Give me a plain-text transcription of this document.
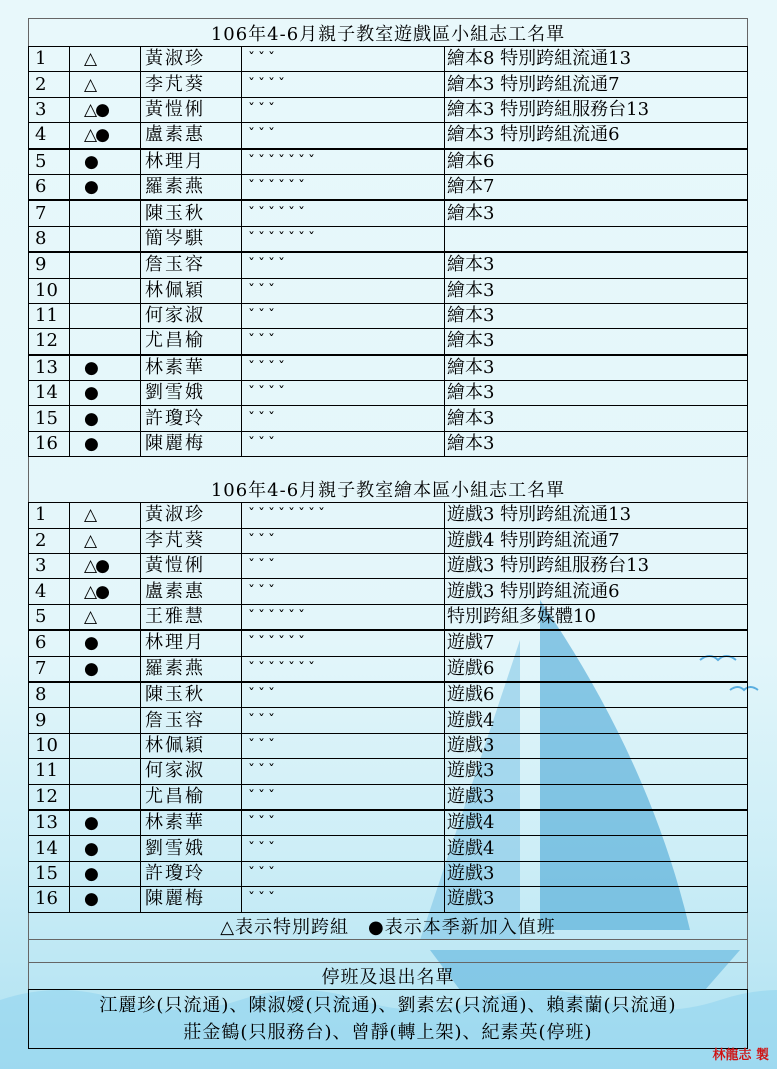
106年4-6月親子教室遊戲區小組志工名單
1	△	黃淑珍	ˇˇˇ	繪本8 特別跨組流通13
2	△	李芃葵	ˇˇˇˇ	繪本3 特別跨組流通7
3	△●	黃愷俐	ˇˇˇ	繪本3 特別跨組服務台13
4	△●	盧素惠	ˇˇˇ	繪本3 特別跨組流通6
5	●	林理月	ˇˇˇˇˇˇˇ	繪本6
6	●	羅素燕	ˇˇˇˇˇˇ	繪本7
7		陳玉秋	ˇˇˇˇˇˇ	繪本3
8		簡岑騏	ˇˇˇˇˇˇˇ	
9		詹玉容	ˇˇˇˇ	繪本3
10		林佩穎	ˇˇˇ	繪本3
11		何家淑	ˇˇˇ	繪本3
12		尤昌榆	ˇˇˇ	繪本3
13	●	林素華	ˇˇˇˇ	繪本3
14	●	劉雪娥	ˇˇˇˇ	繪本3
15	●	許瓊玲	ˇˇˇ	繪本3
16	●	陳麗梅	ˇˇˇ	繪本3
106年4-6月親子教室繪本區小組志工名單
1	△	黃淑珍	ˇˇˇˇˇˇˇˇ	遊戲3 特別跨組流通13
2	△	李芃葵	ˇˇˇ	遊戲4 特別跨組流通7
3	△●	黃愷俐	ˇˇˇ	遊戲3 特別跨組服務台13
4	△●	盧素惠	ˇˇˇ	遊戲3 特別跨組流通6
5	△	王雅慧	ˇˇˇˇˇˇ	特別跨組多媒體10
6	●	林理月	ˇˇˇˇˇˇ	遊戲7
7	●	羅素燕	ˇˇˇˇˇˇˇ	遊戲6
8		陳玉秋	ˇˇˇ	遊戲6
9		詹玉容	ˇˇˇ	遊戲4
10		林佩穎	ˇˇˇ	遊戲3
11		何家淑	ˇˇˇ	遊戲3
12		尤昌榆	ˇˇˇ	遊戲3
13	●	林素華	ˇˇˇ	遊戲4
14	●	劉雪娥	ˇˇˇ	遊戲4
15	●	許瓊玲	ˇˇˇ	遊戲3
16	●	陳麗梅	ˇˇˇ	遊戲3
△表示特別跨組　●表示本季新加入值班
停班及退出名單
江麗珍(只流通)、陳淑嬡(只流通)、劉素宏(只流通)、賴素蘭(只流通)
莊金鶴(只服務台)、曾靜(轉上架)、紀素英(停班)
林龍志 製
